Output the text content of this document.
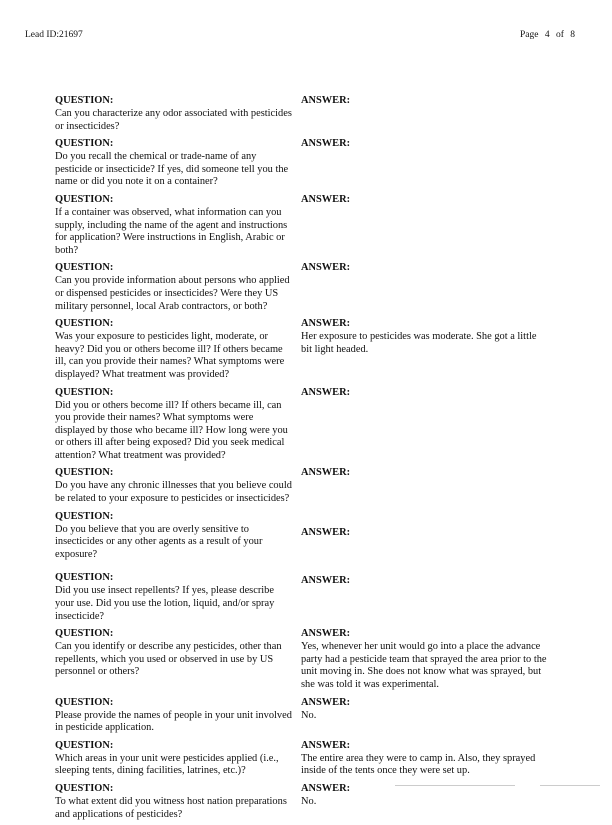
Lead ID:21697	Page 4 of 8
QUESTION:
Can you characterize any odor associated with pesticides or insecticides?
ANSWER:
QUESTION:
Do you recall the chemical or trade-name of any pesticide or insecticide? If yes, did someone tell you the name or did you note it on a container?
ANSWER:
QUESTION:
If a container was observed, what information can you supply, including the name of the agent and instructions for application? Were instructions in English, Arabic or both?
ANSWER:
QUESTION:
Can you provide information about persons who applied or dispensed pesticides or insecticides? Were they US military personnel, local Arab contractors, or both?
ANSWER:
QUESTION:
Was your exposure to pesticides light, moderate, or heavy? Did you or others become ill? If others became ill, can you provide their names? What symptoms were displayed? What treatment was provided?
ANSWER:
Her exposure to pesticides was moderate. She got a little bit light headed.
QUESTION:
Did you or others become ill? If others became ill, can you provide their names? What symptoms were displayed by those who became ill? How long were you or others ill after being exposed? Did you seek medical attention? What treatment was provided?
ANSWER:
QUESTION:
Do you have any chronic illnesses that you believe could be related to your exposure to pesticides or insecticides?
ANSWER:
QUESTION:
Do you believe that you are overly sensitive to insecticides or any other agents as a result of your exposure?
ANSWER:
QUESTION:
Did you use insect repellents? If yes, please describe your use. Did you use the lotion, liquid, and/or spray insecticide?
ANSWER:
QUESTION:
Can you identify or describe any pesticides, other than repellents, which you used or observed in use by US personnel or others?
ANSWER:
Yes, whenever her unit would go into a place the advance party had a pesticide team that sprayed the area prior to the unit moving in. She does not know what was sprayed, but she was told it was experimental.
QUESTION:
Please provide the names of people in your unit involved in pesticide application.
ANSWER:
No.
QUESTION:
Which areas in your unit were pesticides applied (i.e., sleeping tents, dining facilities, latrines, etc.)?
ANSWER:
The entire area they were to camp in. Also, they sprayed inside of the tents once they were set up.
QUESTION:
To what extent did you witness host nation preparations and applications of pesticides?
ANSWER:
No.
